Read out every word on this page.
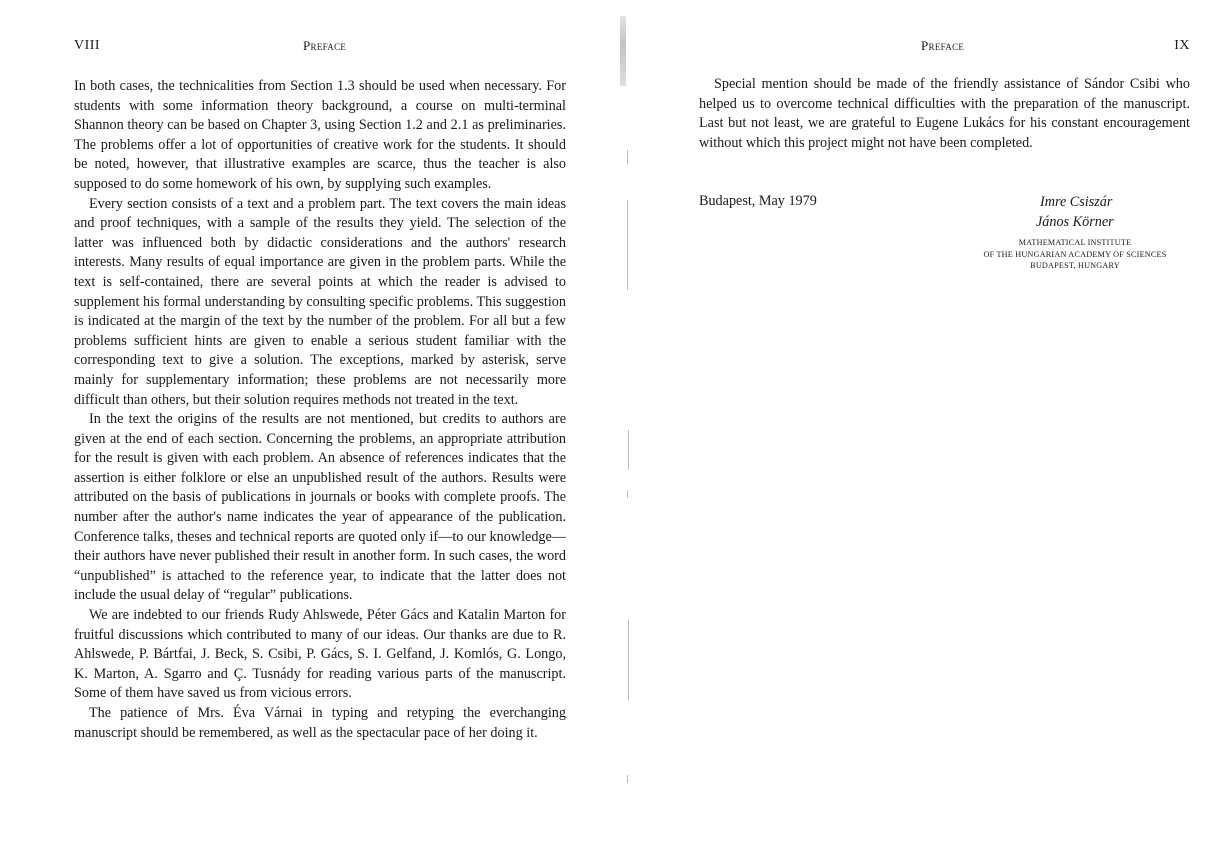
VIII	Preface

In both cases, the technicalities from Section 1.3 should be used when necessary. For students with some information theory background, a course on multi-terminal Shannon theory can be based on Chapter 3, using Section 1.2 and 2.1 as preliminaries. The problems offer a lot of opportunities of creative work for the students. It should be noted, however, that illustrative examples are scarce, thus the teacher is also supposed to do some homework of his own, by supplying such examples.

Every section consists of a text and a problem part. The text covers the main ideas and proof techniques, with a sample of the results they yield. The selection of the latter was influenced both by didactic considerations and the authors' research interests. Many results of equal importance are given in the problem parts. While the text is self-contained, there are several points at which the reader is advised to supplement his formal understanding by consulting specific problems. This suggestion is indicated at the margin of the text by the number of the problem. For all but a few problems sufficient hints are given to enable a serious student familiar with the corresponding text to give a solution. The exceptions, marked by asterisk, serve mainly for supplementary information; these problems are not necessarily more difficult than others, but their solution requires methods not treated in the text.

In the text the origins of the results are not mentioned, but credits to authors are given at the end of each section. Concerning the problems, an appropriate attribution for the result is given with each problem. An absence of references indicates that the assertion is either folklore or else an unpublished result of the authors. Results were attributed on the basis of publications in journals or books with complete proofs. The number after the author's name indicates the year of appearance of the publication. Conference talks, theses and technical reports are quoted only if—to our knowledge—their authors have never published their result in another form. In such cases, the word “unpublished” is attached to the reference year, to indicate that the latter does not include the usual delay of “regular” publications.

We are indebted to our friends Rudy Ahlswede, Péter Gács and Katalin Marton for fruitful discussions which contributed to many of our ideas. Our thanks are due to R. Ahlswede, P. Bártfai, J. Beck, S. Csibi, P. Gács, S. I. Gelfand, J. Komlós, G. Longo, K. Marton, A. Sgarro and Ç. Tusnády for reading various parts of the manuscript. Some of them have saved us from vicious errors.

The patience of Mrs. Éva Várnai in typing and retyping the everchanging manuscript should be remembered, as well as the spectacular pace of her doing it.

Preface	IX

Special mention should be made of the friendly assistance of Sándor Csibi who helped us to overcome technical difficulties with the preparation of the manuscript. Last but not least, we are grateful to Eugene Lukács for his constant encouragement without which this project might not have been completed.

Budapest, May 1979	Imre Csiszár
János Körner
MATHEMATICAL INSTITUTE
OF THE HUNGARIAN ACADEMY OF SCIENCES
BUDAPEST, HUNGARY
